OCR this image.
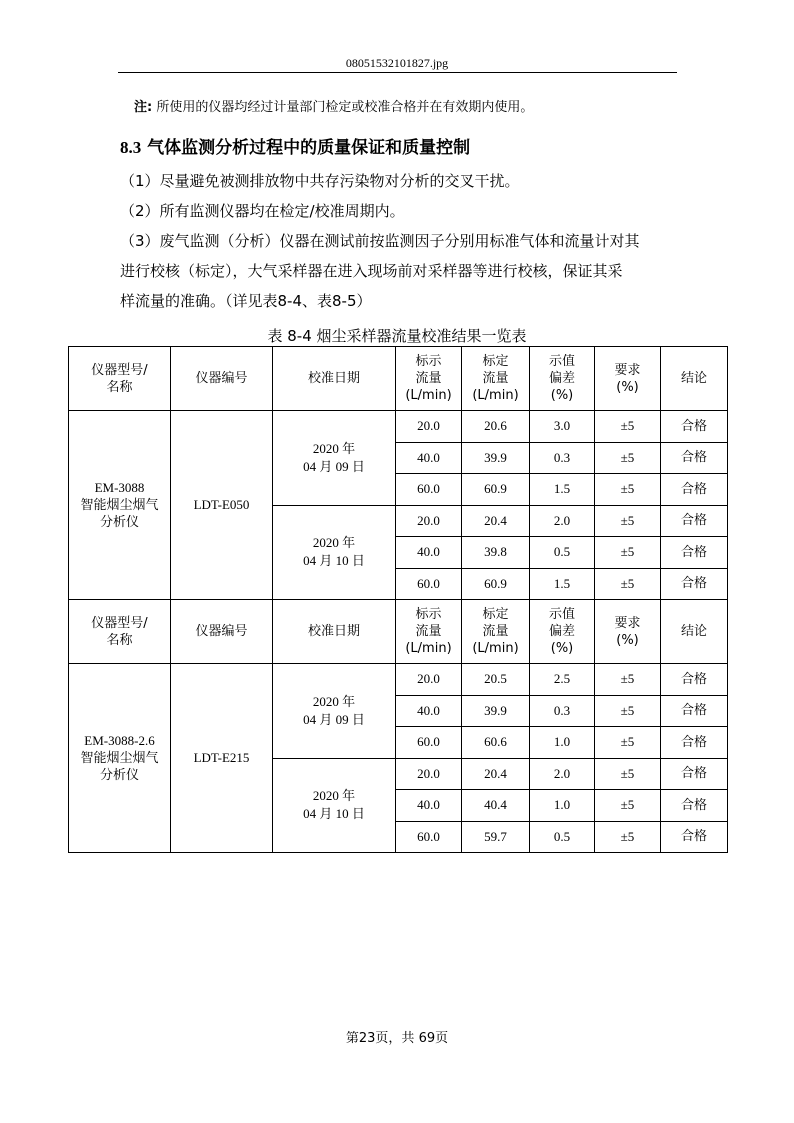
08051532101827.jpg
注: 所使用的仪器均经过计量部门检定或校准合格并在有效期内使用。
8.3 气体监测分析过程中的质量保证和质量控制
（1）尽量避免被测排放物中共存污染物对分析的交叉干扰。
（2）所有监测仪器均在检定/校准周期内。
（3）废气监测（分析）仪器在测试前按监测因子分别用标准气体和流量计对其
进行校核（标定），大气采样器在进入现场前对采样器等进行校核，保证其采
样流量的准确。（详见表8-4、表8-5）
表 8-4 烟尘采样器流量校准结果一览表
仪器型号/
名称	仪器编号	校准日期	标示
流量
(L/min)	标定
流量
(L/min)	示值
偏差
(%)	要求
(%)	结论
EM-3088
智能烟尘烟气
分析仪	LDT-E050	2020 年
04 月 09 日	20.0	20.6	3.0	±5	合格
			40.0	39.9	0.3	±5	合格
			60.0	60.9	1.5	±5	合格
		2020 年
04 月 10 日	20.0	20.4	2.0	±5	合格
			40.0	39.8	0.5	±5	合格
			60.0	60.9	1.5	±5	合格
仪器型号/
名称	仪器编号	校准日期	标示
流量
(L/min)	标定
流量
(L/min)	示值
偏差
(%)	要求
(%)	结论
EM-3088-2.6
智能烟尘烟气
分析仪	LDT-E215	2020 年
04 月 09 日	20.0	20.5	2.5	±5	合格
			40.0	39.9	0.3	±5	合格
			60.0	60.6	1.0	±5	合格
		2020 年
04 月 10 日	20.0	20.4	2.0	±5	合格
			40.0	40.4	1.0	±5	合格
			60.0	59.7	0.5	±5	合格
第23页，共 69页
